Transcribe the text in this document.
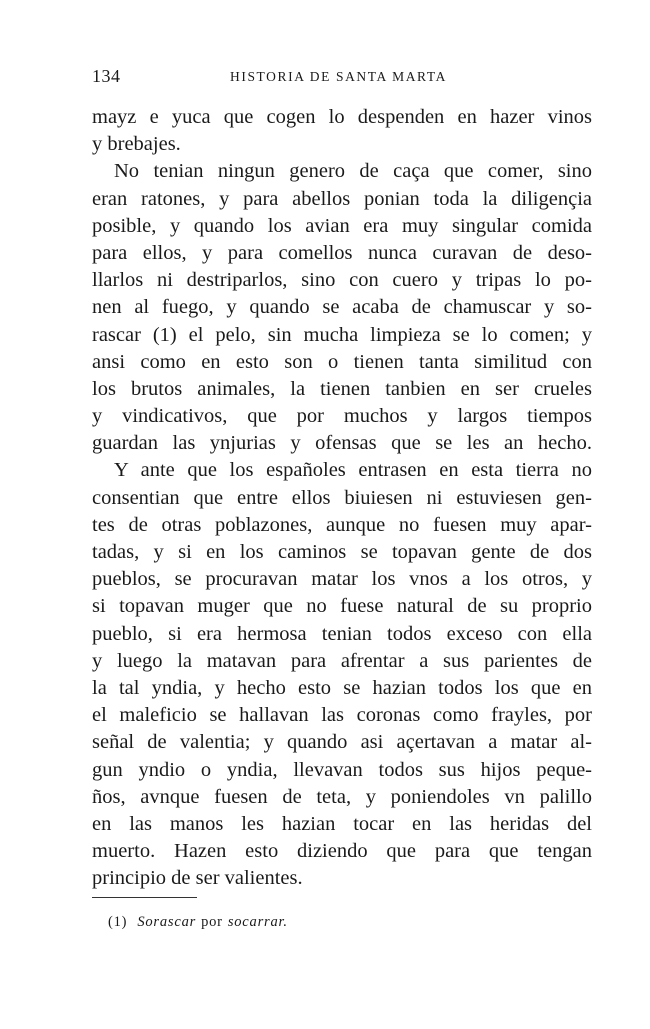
134	HISTORIA DE SANTA MARTA
mayz e yuca que cogen lo despenden en hazer vinos
y brebajes.
No tenian ningun genero de caça que comer, sino
eran ratones, y para abellos ponian toda la diligençia
posible, y quando los avian era muy singular comida
para ellos, y para comellos nunca curavan de deso-
llarlos ni destriparlos, sino con cuero y tripas lo po-
nen al fuego, y quando se acaba de chamuscar y so-
rascar (1) el pelo, sin mucha limpieza se lo comen; y
ansi como en esto son o tienen tanta similitud con
los brutos animales, la tienen tanbien en ser crueles
y vindicativos, que por muchos y largos tiempos
guardan las ynjurias y ofensas que se les an hecho.
Y ante que los españoles entrasen en esta tierra no
consentian que entre ellos biuiesen ni estuviesen gen-
tes de otras poblazones, aunque no fuesen muy apar-
tadas, y si en los caminos se topavan gente de dos
pueblos, se procuravan matar los vnos a los otros, y
si topavan muger que no fuese natural de su proprio
pueblo, si era hermosa tenian todos exceso con ella
y luego la matavan para afrentar a sus parientes de
la tal yndia, y hecho esto se hazian todos los que en
el maleficio se hallavan las coronas como frayles, por
señal de valentia; y quando asi açertavan a matar al-
gun yndio o yndia, llevavan todos sus hijos peque-
ños, avnque fuesen de teta, y poniendoles vn palillo
en las manos les hazian tocar en las heridas del
muerto. Hazen esto diziendo que para que tengan
principio de ser valientes.
(1) Sorascar por socarrar.
